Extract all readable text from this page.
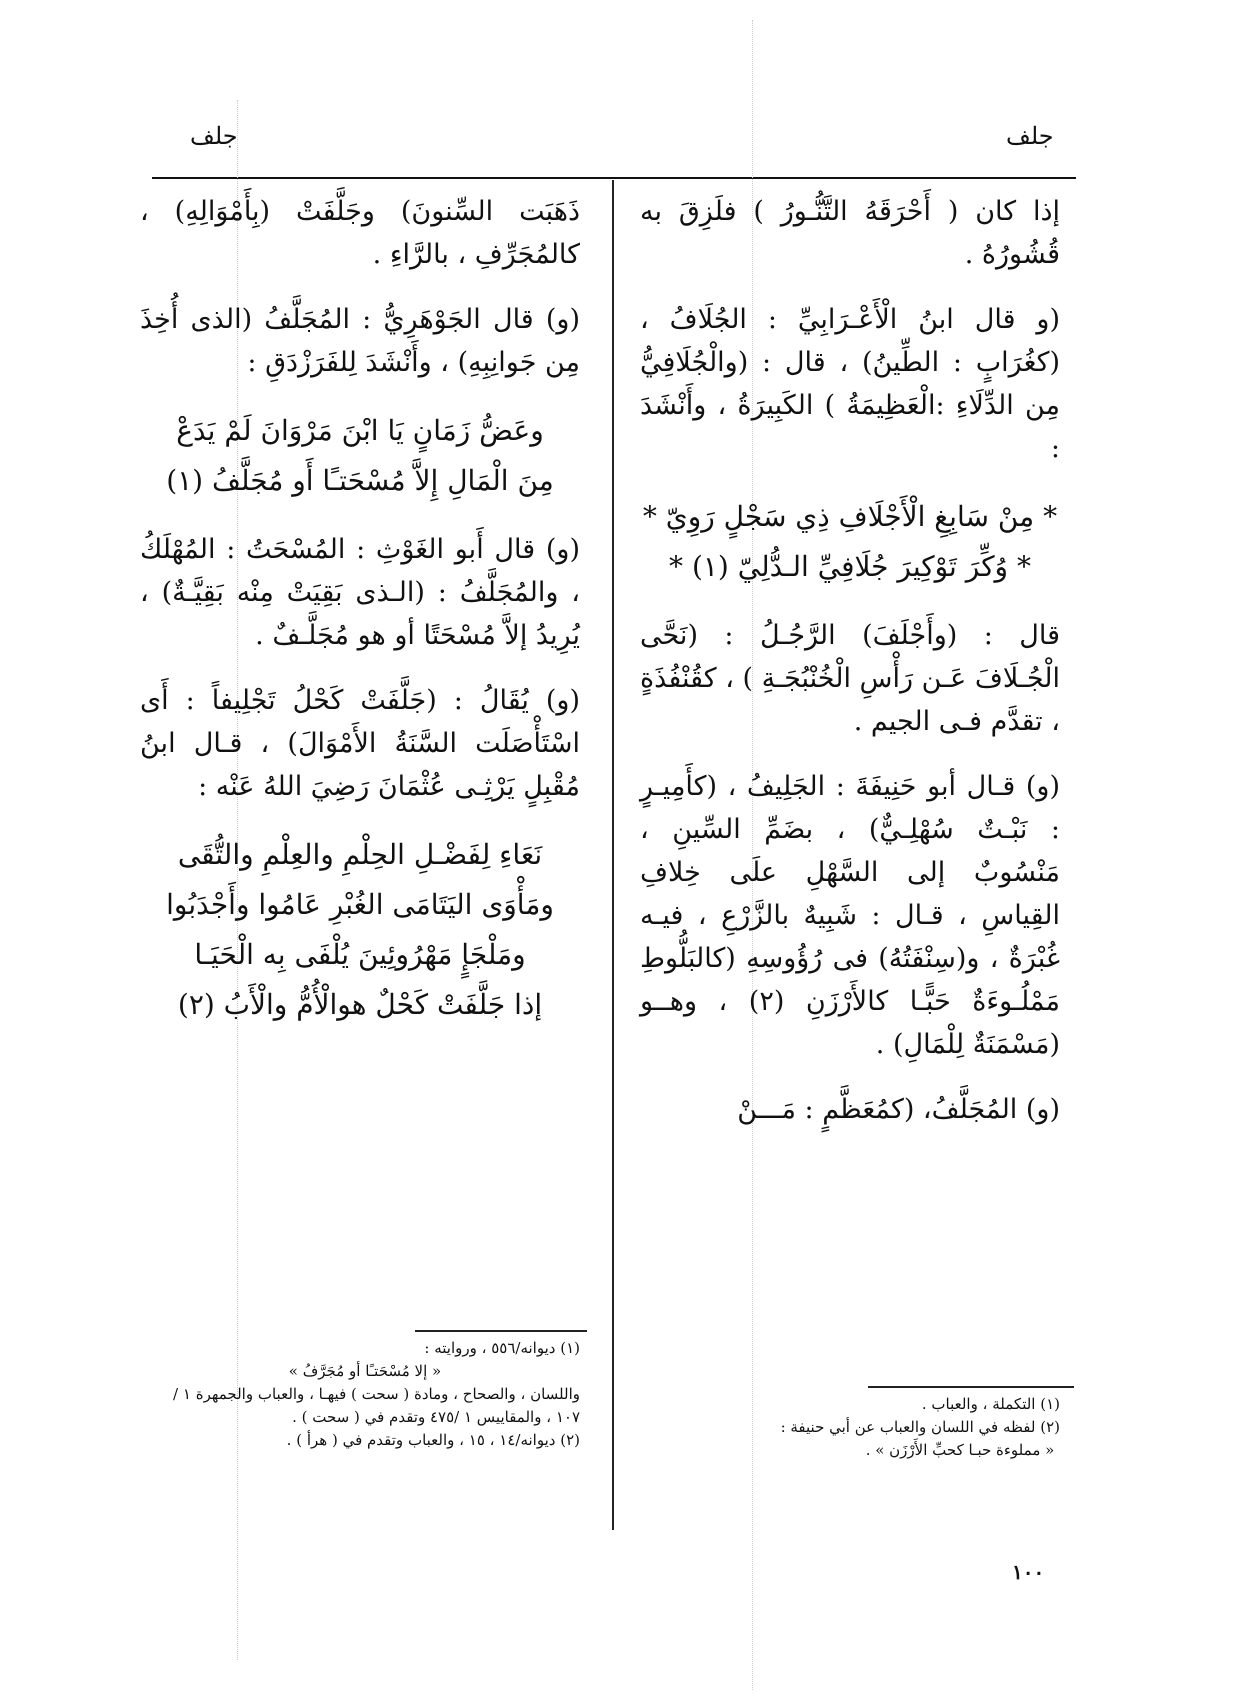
جلف	جلف

إذا كان ( أَحْرَقَهُ التَّنُّـورُ ) فلَزِقَ به قُشُورُهُ .

(و قال ابنُ الْأَعْـرَابِيِّ : الجُلَافُ ، (كغُرَابٍ : الطِّينُ) ، قال : (والْجُلَافِيُّ مِن الدِّلَاءِ :الْعَظِيمَةُ ) الكَبِيرَةُ ، وأَنْشَدَ :

* مِنْ سَابِغِ الْأَجْلَافِ ذِي سَجْلٍ رَوِيّ *
* وُكِّرَ تَوْكِيرَ جُلَافِيِّ الـدُّلِيّ (١) *

قال : (وأَجْلَفَ) الرَّجُـلُ : (نَحَّى الْجُـلَافَ عَـن رَأْسِ الْخُنْبُجَـةِ ) ، كقُنْفُذَةٍ ، تقدَّم فـى الجيم .

(و) قـال أبو حَنِيفَةَ : الجَلِيفُ ، (كأَمِيـرٍ : نَبْـتٌ سُهْلِـيٌّ) ، بضَمِّ السِّينِ ، مَنْسُوبٌ إلى السَّهْلِ علَى خِلافِ القِياسِ ، قـال : شَبِيهٌ بالزَّرْعِ ، فيـه غُبْرَةٌ ، و(سِنْفَتُهُ) فى رُؤُوسِهِ (كالبَلُّوطِ مَمْلُـوءَةٌ حَبًّـا كالأَرْزَنِ (٢) ، وهــو (مَسْمَنَةٌ لِلْمَالِ) .

(و) المُجَلَّفُ، (كمُعَظَّمٍ : مَـــنْ

ذَهَبَت السِّنونَ) وجَلَّفَتْ (بِأَمْوَالِهِ) ، كالمُجَرِّفِ ، بالرَّاءِ .

(و) قال الجَوْهَرِيُّ : المُجَلَّفُ (الذى أُخِذَ مِن جَوانِبِهِ) ، وأَنْشَدَ لِلفَرَزْدَقِ :

وعَضُّ زَمَانٍ يَا ابْنَ مَرْوَانَ لَمْ يَدَعْ
مِنَ الْمَالِ إِلاَّ مُسْحَتـًا أَو مُجَلَّفُ (١)

(و) قال أَبو الغَوْثِ : المُسْحَتُ : المُهْلَكُ ، والمُجَلَّفُ : (الـذى بَقِيَتْ مِنْه بَقِيَّـةٌ) ، يُرِيدُ إلاَّ مُسْحَتًا أو هو مُجَلَّـفٌ .

(و) يُقَالُ : (جَلَّفَتْ كَحْلُ تَجْلِيفاً : أَى اسْتَأْصَلَت السَّنَةُ الأَمْوَالَ) ، قـال ابنُ مُقْبِلٍ يَرْثِـى عُثْمَانَ رَضِيَ اللهُ عَنْه :

نَعَاءِ لِفَضْـلِ الحِلْمِ والعِلْمِ والتُّقَى
ومَأْوَى اليَتَامَى الغُبْرِ عَامُوا وأَجْدَبُوا
ومَلْجَإٍ مَهْرُوئِينَ يُلْفَى بِه الْحَيَـا
إذا جَلَّفَتْ كَحْلٌ هوالْأُمُّ والْأَبُ (٢)

(١) التكملة ، والعباب .

(٢) لفظه في اللسان والعباب عن أبي حنيفة :

« مملوءة حبـا كحبِّ الأَرْزَن » .

(١) ديوانه/٥٥٦ ، وروايته :

« إلا مُسْحَتـًا أو مُجَرَّفُ »

واللسان ، والصحاح ، ومادة ( سحت ) فيهـا ، والعباب والجمهرة ١ /١٠٧ ، والمقاييس ١ /٤٧٥ وتقدم في ( سحت ) .

(٢) ديوانه/١٤ ، ١٥ ، والعباب وتقدم في ( هرأ ) .

١٠٠
